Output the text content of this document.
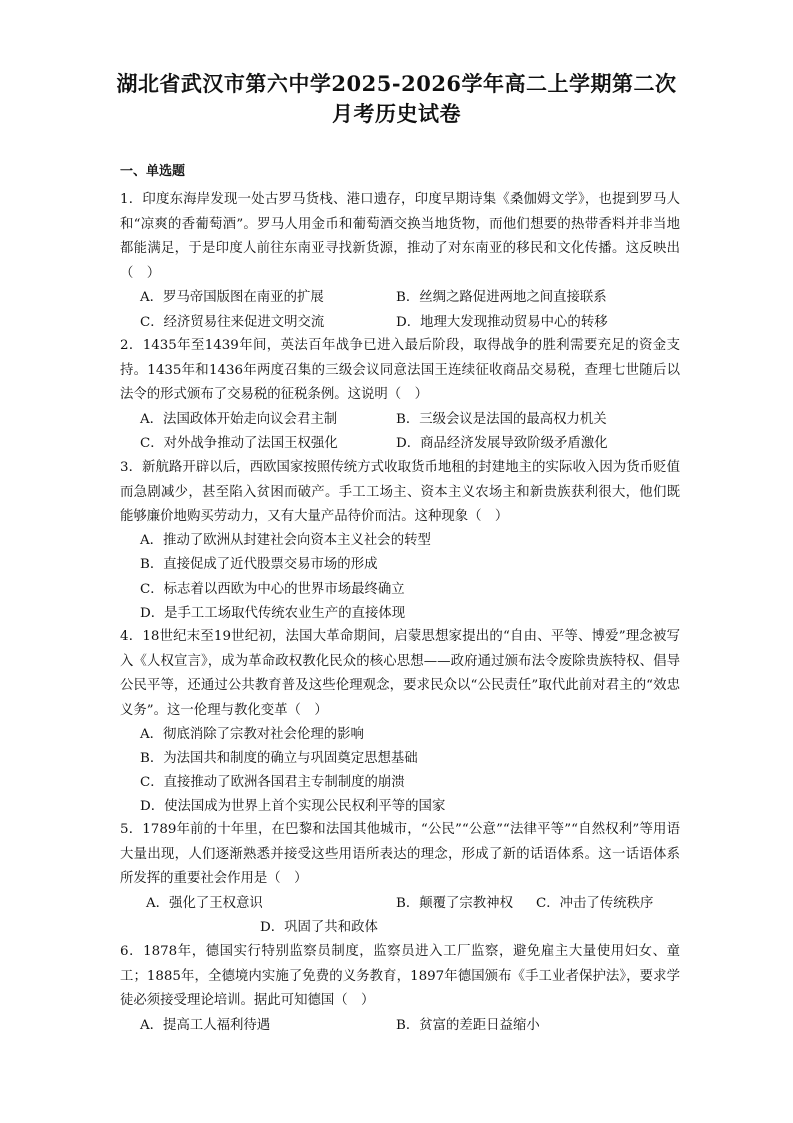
湖北省武汉市第六中学2025-2026学年高二上学期第二次
月考历史试卷
一、单选题
1．印度东海岸发现一处古罗马货栈、港口遗存，印度早期诗集《桑伽姆文学》，也提到罗马人和“凉爽的香葡萄酒”。罗马人用金币和葡萄酒交换当地货物，而他们想要的热带香料并非当地都能满足，于是印度人前往东南亚寻找新货源，推动了对东南亚的移民和文化传播。这反映出（　）
A．罗马帝国版图在南亚的扩展	B．丝绸之路促进两地之间直接联系
C．经济贸易往来促进文明交流	D．地理大发现推动贸易中心的转移
2．1435年至1439年间，英法百年战争已进入最后阶段，取得战争的胜利需要充足的资金支持。1435年和1436年两度召集的三级会议同意法国王连续征收商品交易税，查理七世随后以法令的形式颁布了交易税的征税条例。这说明（　）
A．法国政体开始走向议会君主制	B．三级会议是法国的最高权力机关
C．对外战争推动了法国王权强化	D．商品经济发展导致阶级矛盾激化
3．新航路开辟以后，西欧国家按照传统方式收取货币地租的封建地主的实际收入因为货币贬值而急剧减少，甚至陷入贫困而破产。手工工场主、资本主义农场主和新贵族获利很大，他们既能够廉价地购买劳动力，又有大量产品待价而沽。这种现象（　）
A．推动了欧洲从封建社会向资本主义社会的转型
B．直接促成了近代股票交易市场的形成
C．标志着以西欧为中心的世界市场最终确立
D．是手工工场取代传统农业生产的直接体现
4．18世纪末至19世纪初，法国大革命期间，启蒙思想家提出的“自由、平等、博爱”理念被写入《人权宣言》，成为革命政权教化民众的核心思想——政府通过颁布法令废除贵族特权、倡导公民平等，还通过公共教育普及这些伦理观念，要求民众以“公民责任”取代此前对君主的“效忠义务”。这一伦理与教化变革（　）
A．彻底消除了宗教对社会伦理的影响
B．为法国共和制度的确立与巩固奠定思想基础
C．直接推动了欧洲各国君主专制制度的崩溃
D．使法国成为世界上首个实现公民权利平等的国家
5．1789年前的十年里，在巴黎和法国其他城市，“公民”“公意”“法律平等”“自然权利”等用语大量出现，人们逐渐熟悉并接受这些用语所表达的理念，形成了新的话语体系。这一话语体系所发挥的重要社会作用是（　）
A．强化了王权意识	B．颠覆了宗教神权 C．冲击了传统秩序
D．巩固了共和政体
6．1878年，德国实行特别监察员制度，监察员进入工厂监察，避免雇主大量使用妇女、童工；1885年，全德境内实施了免费的义务教育，1897年德国颁布《手工业者保护法》，要求学徒必须接受理论培训。据此可知德国（　）
A．提高工人福利待遇	B．贫富的差距日益缩小
